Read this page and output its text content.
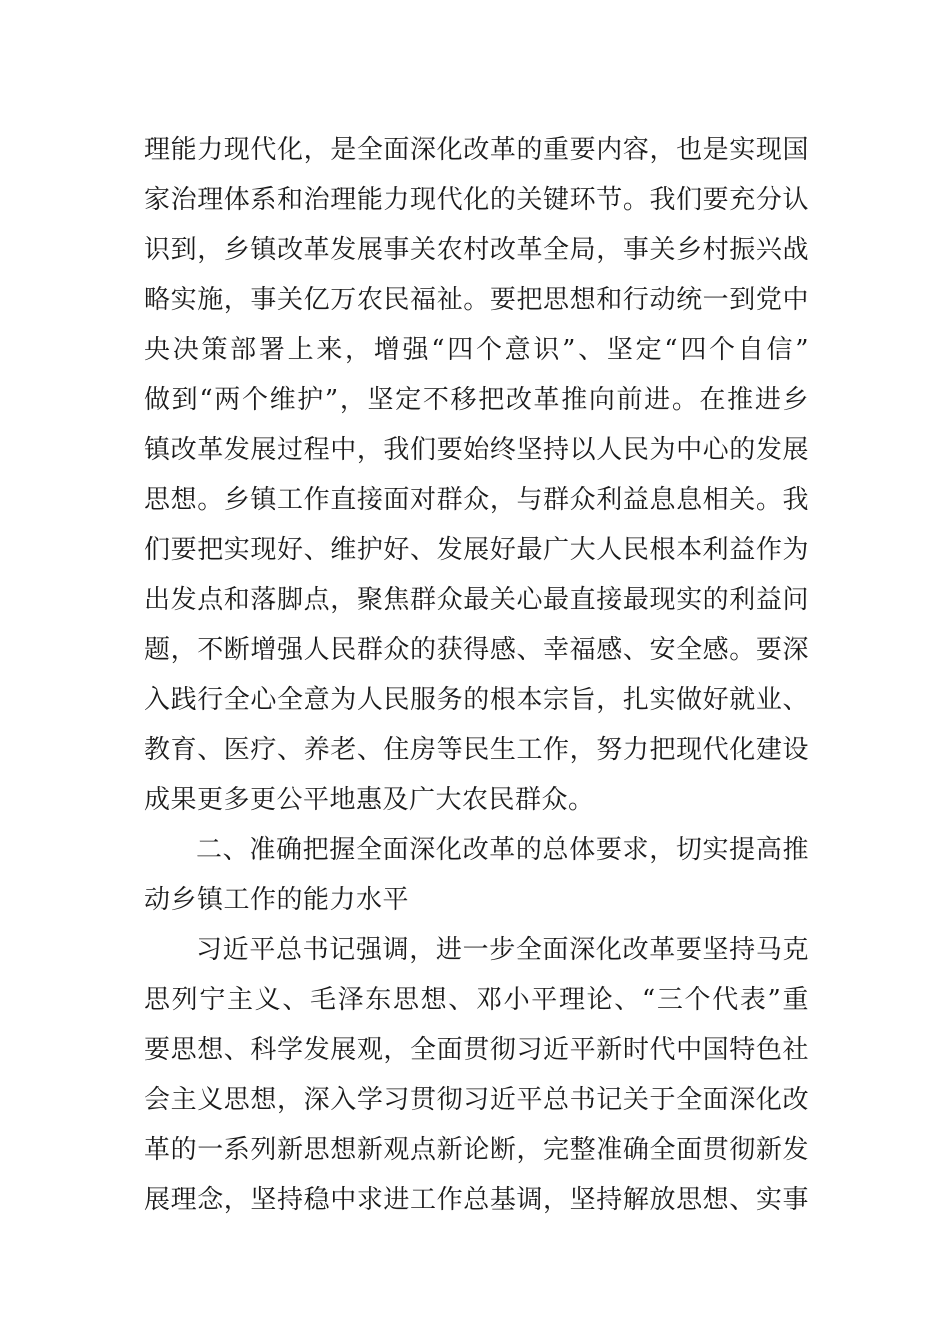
理能力现代化，是全面深化改革的重要内容，也是实现国
家治理体系和治理能力现代化的关键环节。我们要充分认
识到，乡镇改革发展事关农村改革全局，事关乡村振兴战
略实施，事关亿万农民福祉。要把思想和行动统一到党中
央决策部署上来，增强“四个意识”、坚定“四个自信”
做到“两个维护”，坚定不移把改革推向前进。在推进乡
镇改革发展过程中，我们要始终坚持以人民为中心的发展
思想。乡镇工作直接面对群众，与群众利益息息相关。我
们要把实现好、维护好、发展好最广大人民根本利益作为
出发点和落脚点，聚焦群众最关心最直接最现实的利益问
题，不断增强人民群众的获得感、幸福感、安全感。要深
入践行全心全意为人民服务的根本宗旨，扎实做好就业、
教育、医疗、养老、住房等民生工作，努力把现代化建设
成果更多更公平地惠及广大农民群众。
二、准确把握全面深化改革的总体要求，切实提高推
动乡镇工作的能力水平
习近平总书记强调，进一步全面深化改革要坚持马克
思列宁主义、毛泽东思想、邓小平理论、“三个代表”重
要思想、科学发展观，全面贯彻习近平新时代中国特色社
会主义思想，深入学习贯彻习近平总书记关于全面深化改
革的一系列新思想新观点新论断，完整准确全面贯彻新发
展理念，坚持稳中求进工作总基调，坚持解放思想、实事
